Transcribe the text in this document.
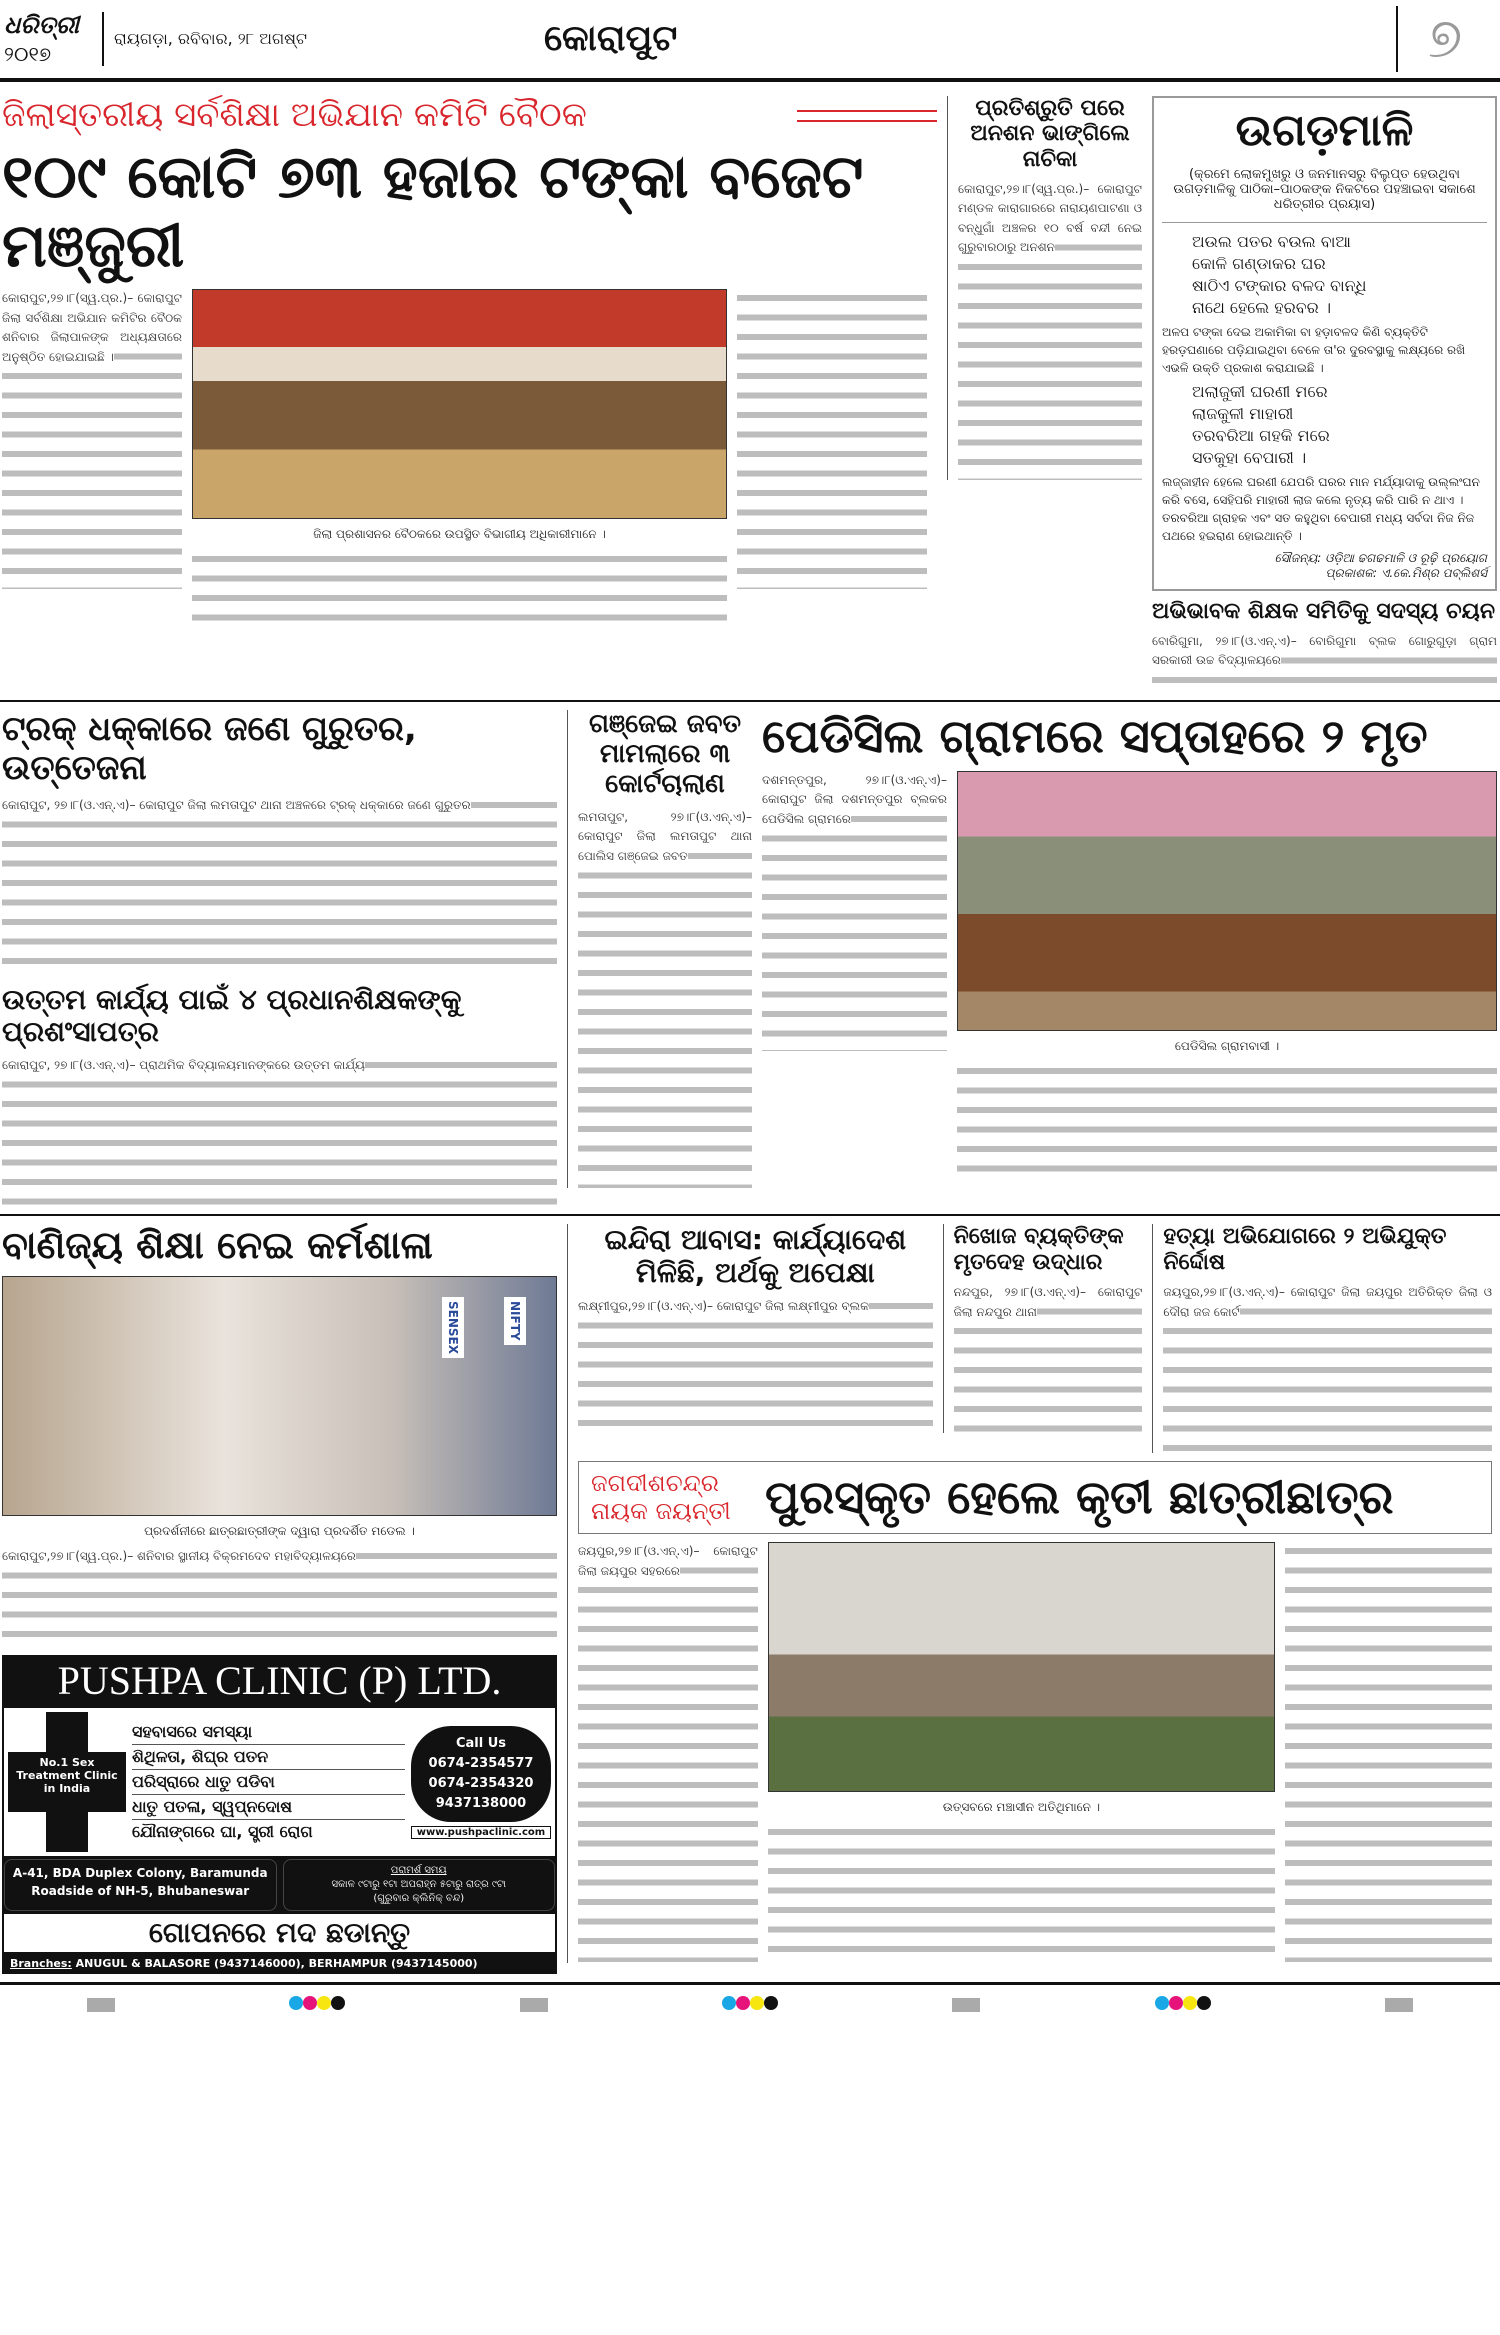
ଧରିତ୍ରୀ
୨୦୧୭
ରାୟଗଡ଼ା, ରବିବାର, ୨୮ ଅଗଷ୍ଟ	କୋରାପୁଟ	୭
ଜିଲାସ୍ତରୀୟ ସର୍ବଶିକ୍ଷା ଅଭିଯାନ କମିଟି ବୈଠକ
୧୦୯ କୋଟି ୭୩ ହଜାର ଟଙ୍କା ବଜେଟ ମଞ୍ଜୁରୀ
କୋରାପୁଟ,୨୭।୮(ସ୍ୱ.ପ୍ର.)– କୋରାପୁଟ ଜିଲା ସର୍ବଶିକ୍ଷା ଅଭିଯାନ କମିଟିର ବୈଠକ ଶନିବାର ଜିଲାପାଳଙ୍କ ଅଧ୍ୟକ୍ଷତାରେ ଅନୁଷ୍ଠିତ ହୋଇଯାଇଛି ।
ଜିଲା ପ୍ରଶାସନର ବୈଠକରେ ଉପସ୍ଥିତ ବିଭାଗୀୟ ଅଧିକାରୀମାନେ ।
ପ୍ରତିଶ୍ରୁତି ପରେ ଅନଶନ ଭାଙ୍ଗିଲେ ନାଚିକା
କୋରାପୁଟ,୨୭।୮(ସ୍ୱ.ପ୍ର.)– କୋରାପୁଟ ମଣ୍ଡଳ କାରାଗାରରେ ନାରାୟଣପାଟଣା ଓ ବନ୍ଧୁଗାଁ ଅଞ୍ଚଳର ୧୦ ବର୍ଷ ବନ୍ଦୀ ନେଇ ଗୁରୁବାରଠାରୁ ଅନଶନ
ଉଗଡ଼ମାଳି
(କ୍ରମେ ଲୋକମୁଖରୁ ଓ ଜନମାନସରୁ ବିଲୁପ୍ତ ହେଉଥିବା ଉଗଡ଼ମାଳିକୁ ପାଠିକା–ପାଠକଙ୍କ ନିକଟରେ ପହଞ୍ଚାଇବା ସକାଶେ ଧରିତ୍ରୀର ପ୍ରୟାସ)
ଅଉଲ ପତର ବଉଲ ବାଆ
କୋଳି ଗଣ୍ଡାକର ଘର
ଷାଠିଏ ଟଙ୍କାର ବଳଦ ବାନ୍ଧି
ନାଥେ ହେଲେ ହରବର ।
ଅଳପ ଟଙ୍କା ଦେଇ ଅକାମିକା ବା ହଡ଼ାବଳଦ କିଣି ବ୍ୟକ୍ତିଟି ହରଡ଼ଘଣାରେ ପଡ଼ିଯାଇଥିବା ବେଳେ ତା'ର ଦୁରବସ୍ଥାକୁ ଲକ୍ଷ୍ୟରେ ରଖି ଏଭଳି ଉକ୍ତି ପ୍ରକାଶ କରାଯାଇଛି ।
ଅଲାଜୁକୀ ଘରଣୀ ମରେ
ଲାଜକୁଳୀ ମାହାରୀ
ତରବରିଆ ଗହକି ମରେ
ସତକୁହା ବେପାରୀ ।
ଲଜ୍ଜାହୀନ ହେଲେ ଘରଣୀ ଯେପରି ଘରର ମାନ ମର୍ଯ୍ୟାଦାକୁ ଉଲ୍ଲଂଘନ କରି ବସେ, ସେହିପରି ମାହାରୀ ଲାଜ କଲେ ନୃତ୍ୟ କରି ପାରି ନ ଥାଏ । ତରବରିଆ ଗ୍ରାହକ ଏବଂ ସତ କହୁଥିବା ବେପାରୀ ମଧ୍ୟ ସର୍ବଦା ନିଜ ନିଜ ପଥରେ ହଇରାଣ ହୋଇଥାନ୍ତି ।
ସୌଜନ୍ୟ: ଓଡ଼ିଆ ଢଗଢମାଳି ଓ ରୂଢ଼ି ପ୍ରୟୋଗ
ପ୍ରକାଶକ: ଏ.କେ.ମିଶ୍ର ପବ୍ଲିଶର୍ସ
ଅଭିଭାବକ ଶିକ୍ଷକ ସମିତିକୁ ସଦସ୍ୟ ଚୟନ
ବୋରିଗୁମା, ୨୭।୮(ଓ.ଏନ୍‌.ଏ)– ବୋରିଗୁମା ବ୍ଲକ ଗୋରୁଗୁଡ଼ା ଗ୍ରାମ ସରକାରୀ ଉଚ୍ଚ ବିଦ୍ୟାଳୟରେ
ଟ୍ରକ୍ ଧକ୍କାରେ ଜଣେ ଗୁରୁତର, ଉତ୍ତେଜନା
କୋରାପୁଟ, ୨୭।୮(ଓ.ଏନ୍‌.ଏ)– କୋରାପୁଟ ଜିଲା ଲମତାପୁଟ ଥାନା ଅଞ୍ଚଳରେ ଟ୍ରକ୍ ଧକ୍କାରେ ଜଣେ ଗୁରୁତର
ଉତ୍ତମ କାର୍ଯ୍ୟ ପାଇଁ ୪ ପ୍ରଧାନଶିକ୍ଷକଙ୍କୁ ପ୍ରଶଂସାପତ୍ର
କୋରାପୁଟ, ୨୭।୮(ଓ.ଏନ୍‌.ଏ)– ପ୍ରାଥମିକ ବିଦ୍ୟାଳୟମାନଙ୍କରେ ଉତ୍ତମ କାର୍ଯ୍ୟ
ଗଞ୍ଜେଇ ଜବତ ମାମଲାରେ ୩ କୋର୍ଟଚାଲାଣ
ଲମତାପୁଟ, ୨୭।୮(ଓ.ଏନ୍‌.ଏ)– କୋରାପୁଟ ଜିଲା ଲମତାପୁଟ ଥାନା ପୋଲିସ ଗଞ୍ଜେଇ ଜବତ
ପେଡିସିଲ ଗ୍ରାମରେ ସପ୍ତାହରେ ୨ ମୃତ
ଦଶମନ୍ତପୁର, ୨୭।୮(ଓ.ଏନ୍‌.ଏ)– କୋରାପୁଟ ଜିଲା ଦଶମନ୍ତପୁର ବ୍ଲକର ପେଡିସିଲ ଗ୍ରାମରେ
ପେଡିସିଲ ଗ୍ରାମବାସୀ ।
ବାଣିଜ୍ୟ ଶିକ୍ଷା ନେଇ କର୍ମଶାଳା
SENSEX	NIFTY
ପ୍ରଦର୍ଶନୀରେ ଛାତ୍ରଛାତ୍ରୀଙ୍କ ଦ୍ୱାରା ପ୍ରଦର୍ଶିତ ମଡେଲ ।
କୋରାପୁଟ,୨୭।୮(ସ୍ୱ.ପ୍ର.)– ଶନିବାର ସ୍ଥାନୀୟ ବିକ୍ରମଦେବ ମହାବିଦ୍ୟାଳୟରେ
PUSHPA CLINIC (P) LTD.
No.1 Sex Treatment Clinic in India
ସହବାସରେ ସମସ୍ୟା
ଶିଥିଳତା, ଶିଘ୍ର ପତନ
ପରିସ୍ରାରେ ଧାତୁ ପଡିବା
ଧାତୁ ପତଳା, ସ୍ୱପ୍ନଦୋଷ
ଯୌନାଙ୍ଗରେ ଘା, ସ୍ତ୍ରୀ ରୋଗ
Call Us
0674-2354577
0674-2354320
9437138000
www.pushpaclinic.com
A-41, BDA Duplex Colony, Baramunda
Roadside of NH-5, Bhubaneswar
ପରାମର୍ଶ ସମୟ
ସକାଳ ୯ଟାରୁ ୧ଟା ଅପରାହ୍ନ ୫ଟାରୁ ରାତ୍ର ୯ଟା
(ଗୁରୁବାର କ୍ଲିନିକ୍ ବନ୍ଦ)
ଗୋପନରେ ମଦ ଛଡାନ୍ତୁ
Branches: ANUGUL & BALASORE (9437146000), BERHAMPUR (9437145000)
ଇନ୍ଦିରା ଆବାସ: କାର୍ଯ୍ୟାଦେଶ ମିଳିଛି, ଅର୍ଥକୁ ଅପେକ୍ଷା
ଲକ୍ଷ୍ମୀପୁର,୨୭।୮(ଓ.ଏନ୍‌.ଏ)– କୋରାପୁଟ ଜିଲା ଲକ୍ଷ୍ମୀପୁର ବ୍ଲକ
ନିଖୋଜ ବ୍ୟକ୍ତିଙ୍କ ମୃତଦେହ ଉଦ୍ଧାର
ନନ୍ଦପୁର, ୨୭।୮(ଓ.ଏନ୍‌.ଏ)– କୋରାପୁଟ ଜିଲା ନନ୍ଦପୁର ଥାନା
ହତ୍ୟା ଅଭିଯୋଗରେ ୨ ଅଭିଯୁକ୍ତ ନିର୍ଦ୍ଦୋଷ
ଜୟପୁର,୨୭।୮(ଓ.ଏନ୍‌.ଏ)– କୋରାପୁଟ ଜିଲା ଜୟପୁର ଅତିରିକ୍ତ ଜିଲା ଓ ଦୌରା ଜଜ କୋର୍ଟ
ଜଗଦୀଶଚନ୍ଦ୍ର ନାୟକ ଜୟନ୍ତୀ ପୁରସ୍କୃତ ହେଲେ କୃତୀ ଛାତ୍ରୀଛାତ୍ର
ଜୟପୁର,୨୭।୮(ଓ.ଏନ୍‌.ଏ)– କୋରାପୁଟ ଜିଲା ଜୟପୁର ସହରରେ
ଉତ୍ସବରେ ମଞ୍ଚାସୀନ ଅତିଥିମାନେ ।
